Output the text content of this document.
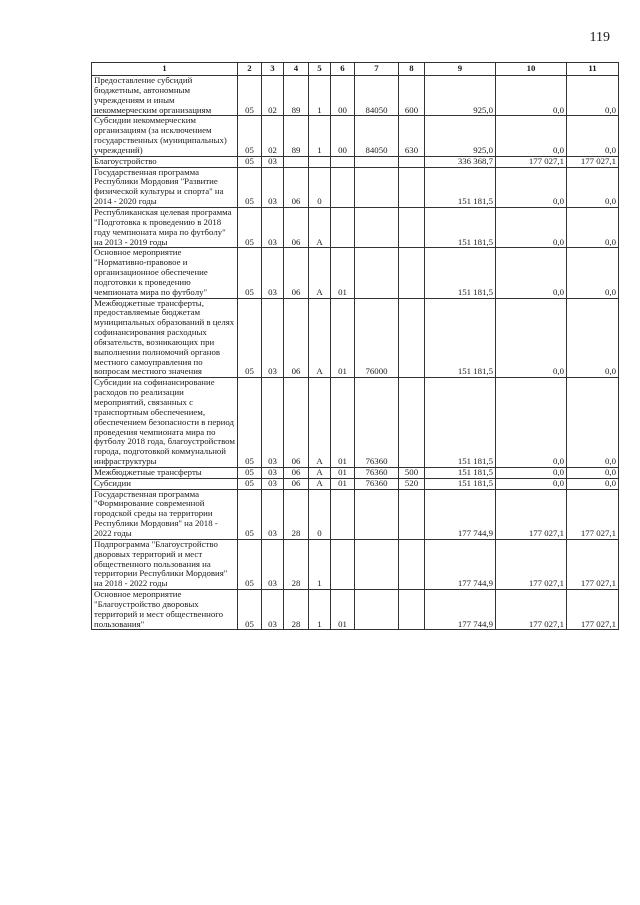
119
1	2	3	4	5	6	7	8	9	10	11
Предоставление субсидий бюджетным, автономным учреждениям и иным некоммерческим организациям	05	02	89	1	00	84050	600	925,0	0,0	0,0
Субсидии некоммерческим организациям (за исключением государственных (муниципальных) учреждений)	05	02	89	1	00	84050	630	925,0	0,0	0,0
Благоустройство	05	03						336 368,7	177 027,1	177 027,1
Государственная программа Республики Мордовия "Развитие физической культуры и спорта" на 2014 - 2020 годы	05	03	06	0				151 181,5	0,0	0,0
Республиканская целевая программа "Подготовка к проведению в 2018 году чемпионата мира по футболу" на 2013 - 2019 годы	05	03	06	А				151 181,5	0,0	0,0
Основное мероприятие "Нормативно-правовое и организационное обеспечение подготовки к проведению чемпионата мира по футболу"	05	03	06	А	01			151 181,5	0,0	0,0
Межбюджетные трансферты, предоставляемые бюджетам муниципальных образований в целях софинансирования расходных обязательств, возникающих при выполнении полномочий органов местного самоуправления по вопросам местного значения	05	03	06	А	01	76000		151 181,5	0,0	0,0
Субсидии на софинансирование расходов по реализации мероприятий, связанных с транспортным обеспечением, обеспечением безопасности в период проведения чемпионата мира по футболу 2018 года, благоустройством города, подготовкой коммунальной инфраструктуры	05	03	06	А	01	76360		151 181,5	0,0	0,0
Межбюджетные трансферты	05	03	06	А	01	76360	500	151 181,5	0,0	0,0
Субсидии	05	03	06	А	01	76360	520	151 181,5	0,0	0,0
Государственная программа "Формирование современной городской среды на территории Республики Мордовия" на 2018 - 2022 годы	05	03	28	0				177 744,9	177 027,1	177 027,1
Подпрограмма "Благоустройство дворовых территорий и мест общественного пользования на территории Республики Мордовия" на 2018 - 2022 годы	05	03	28	1				177 744,9	177 027,1	177 027,1
Основное мероприятие "Благоустройство дворовых территорий и мест общественного пользования"	05	03	28	1	01			177 744,9	177 027,1	177 027,1
